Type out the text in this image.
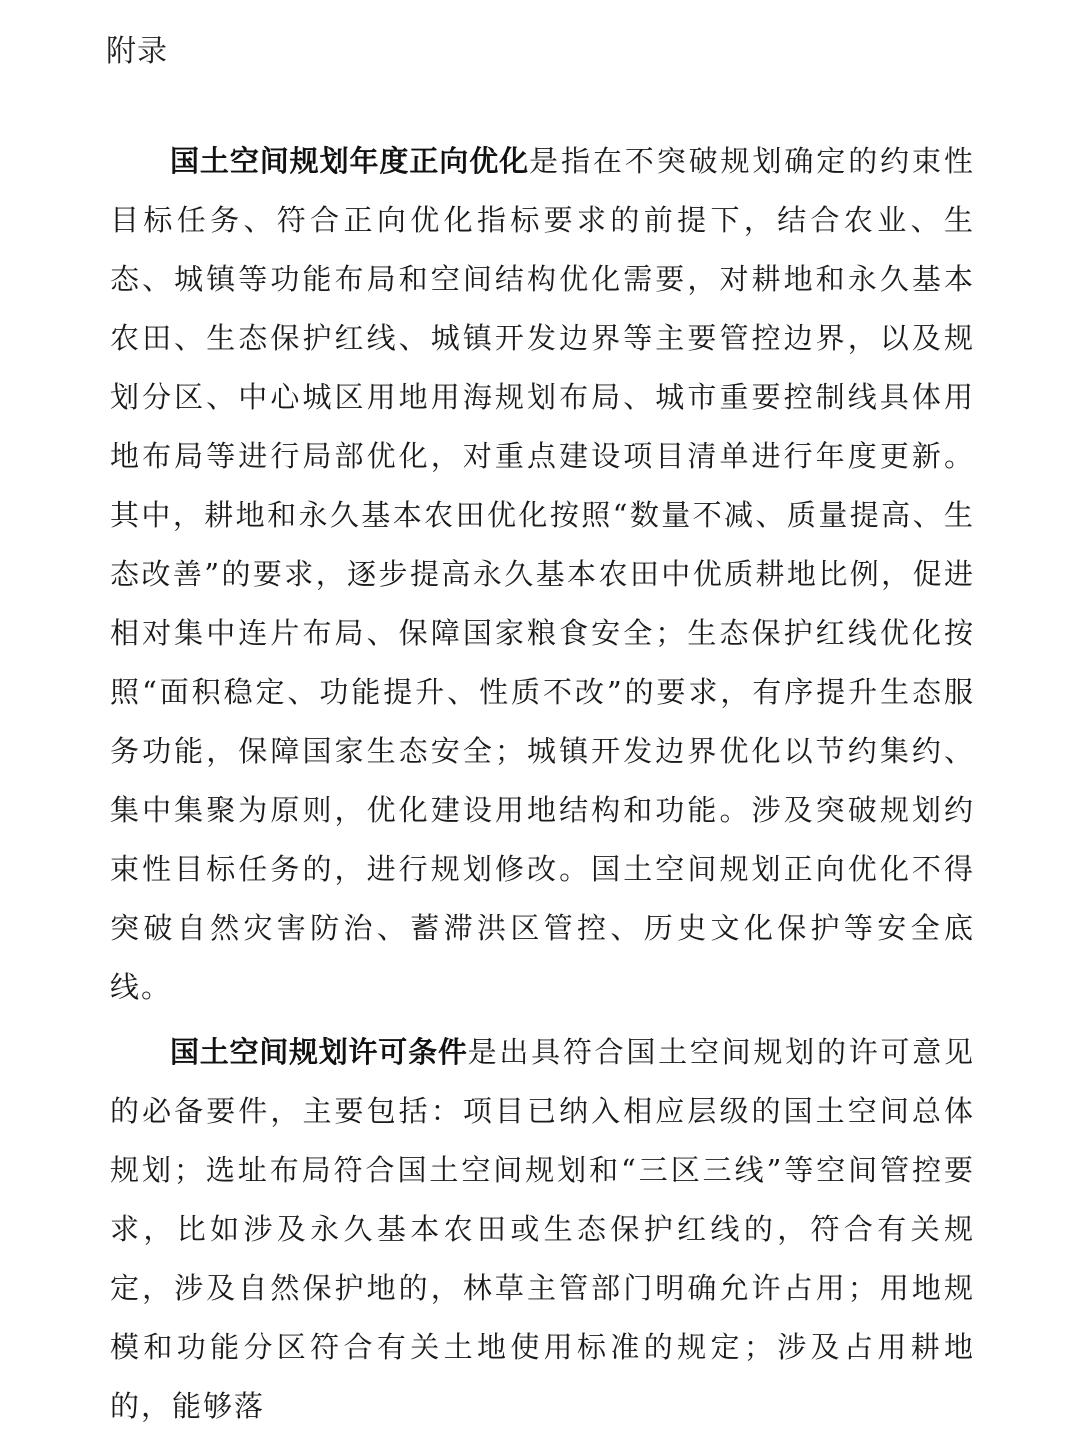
附录

国土空间规划年度正向优化是指在不突破规划确定的约束性目标任务、符合正向优化指标要求的前提下，结合农业、生态、城镇等功能布局和空间结构优化需要，对耕地和永久基本农田、生态保护红线、城镇开发边界等主要管控边界，以及规划分区、中心城区用地用海规划布局、城市重要控制线具体用地布局等进行局部优化，对重点建设项目清单进行年度更新。其中，耕地和永久基本农田优化按照“数量不减、质量提高、生态改善”的要求，逐步提高永久基本农田中优质耕地比例，促进相对集中连片布局、保障国家粮食安全；生态保护红线优化按照“面积稳定、功能提升、性质不改”的要求，有序提升生态服务功能，保障国家生态安全；城镇开发边界优化以节约集约、集中集聚为原则，优化建设用地结构和功能。涉及突破规划约束性目标任务的，进行规划修改。国土空间规划正向优化不得突破自然灾害防治、蓄滞洪区管控、历史文化保护等安全底线。

国土空间规划许可条件是出具符合国土空间规划的许可意见的必备要件，主要包括：项目已纳入相应层级的国土空间总体规划；选址布局符合国土空间规划和“三区三线”等空间管控要求，比如涉及永久基本农田或生态保护红线的，符合有关规定，涉及自然保护地的，林草主管部门明确允许占用；用地规模和功能分区符合有关土地使用标准的规定；涉及占用耕地的，能够落
